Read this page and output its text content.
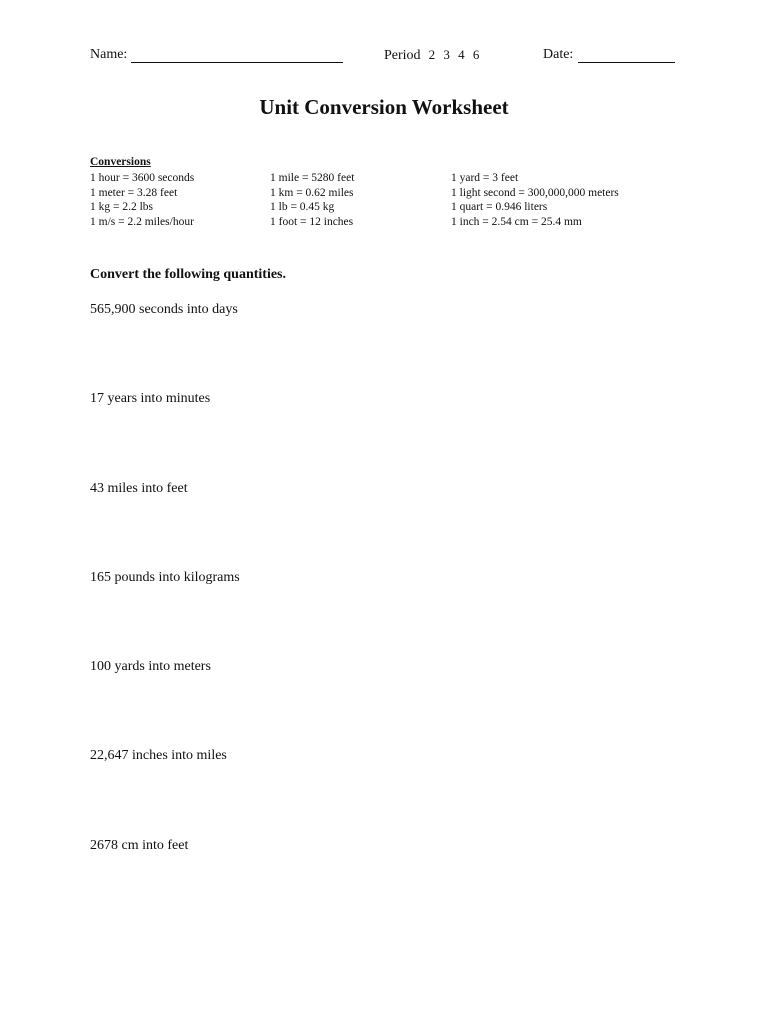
Name:	Period 2 3 4 6	Date:
Unit Conversion Worksheet
Conversions
1 hour = 3600 seconds
1 meter = 3.28 feet
1 kg = 2.2 lbs
1 m/s = 2.2 miles/hour
1 mile = 5280 feet
1 km = 0.62 miles
1 lb = 0.45 kg
1 foot = 12 inches
1 yard = 3 feet
1 light second = 300,000,000 meters
1 quart = 0.946 liters
1 inch = 2.54 cm = 25.4 mm
Convert the following quantities.
565,900 seconds into days
17 years into minutes
43 miles into feet
165 pounds into kilograms
100 yards into meters
22,647 inches into miles
2678 cm into feet
